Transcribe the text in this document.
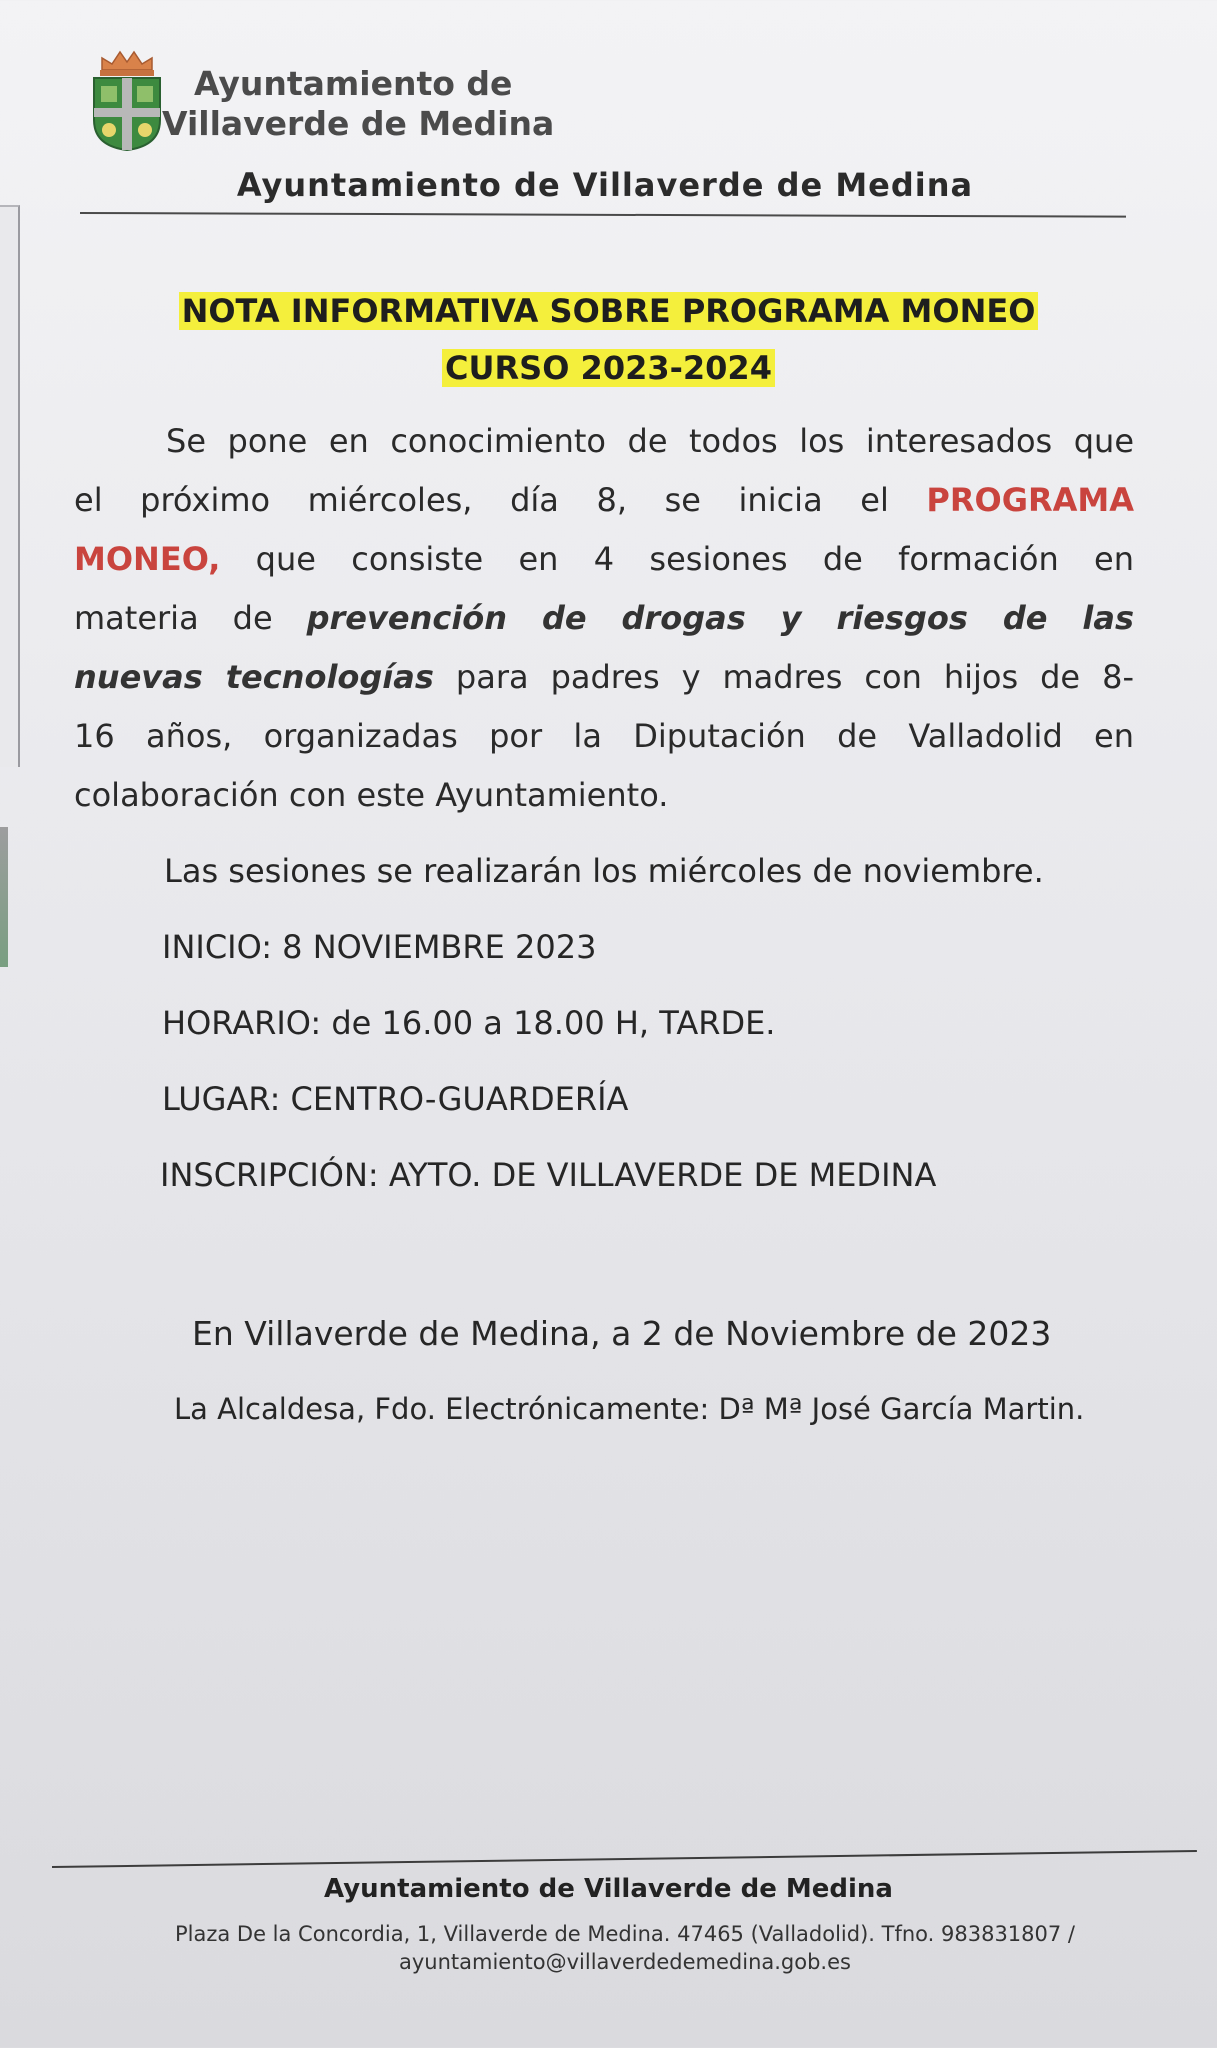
Ayuntamiento de
Villaverde de Medina
Ayuntamiento de Villaverde de Medina
NOTA INFORMATIVA SOBRE PROGRAMA MONEO
CURSO 2023-2024
Se pone en conocimiento de todos los interesados que
el próximo miércoles, día 8, se inicia el PROGRAMA
MONEO, que consiste en 4 sesiones de formación en
materia de prevención de drogas y riesgos de las
nuevas tecnologías para padres y madres con hijos de 8-
16 años, organizadas por la Diputación de Valladolid en
colaboración con este Ayuntamiento.
Las sesiones se realizarán los miércoles de noviembre.
INICIO: 8 NOVIEMBRE 2023
HORARIO: de 16.00 a 18.00 H, TARDE.
LUGAR: CENTRO-GUARDERÍA
INSCRIPCIÓN: AYTO. DE VILLAVERDE DE MEDINA
En Villaverde de Medina, a 2 de Noviembre de 2023
La Alcaldesa, Fdo. Electrónicamente: Dª Mª José García Martin.
Ayuntamiento de Villaverde de Medina
Plaza De la Concordia, 1, Villaverde de Medina. 47465 (Valladolid). Tfno. 983831807 /
ayuntamiento@villaverdedemedina.gob.es
